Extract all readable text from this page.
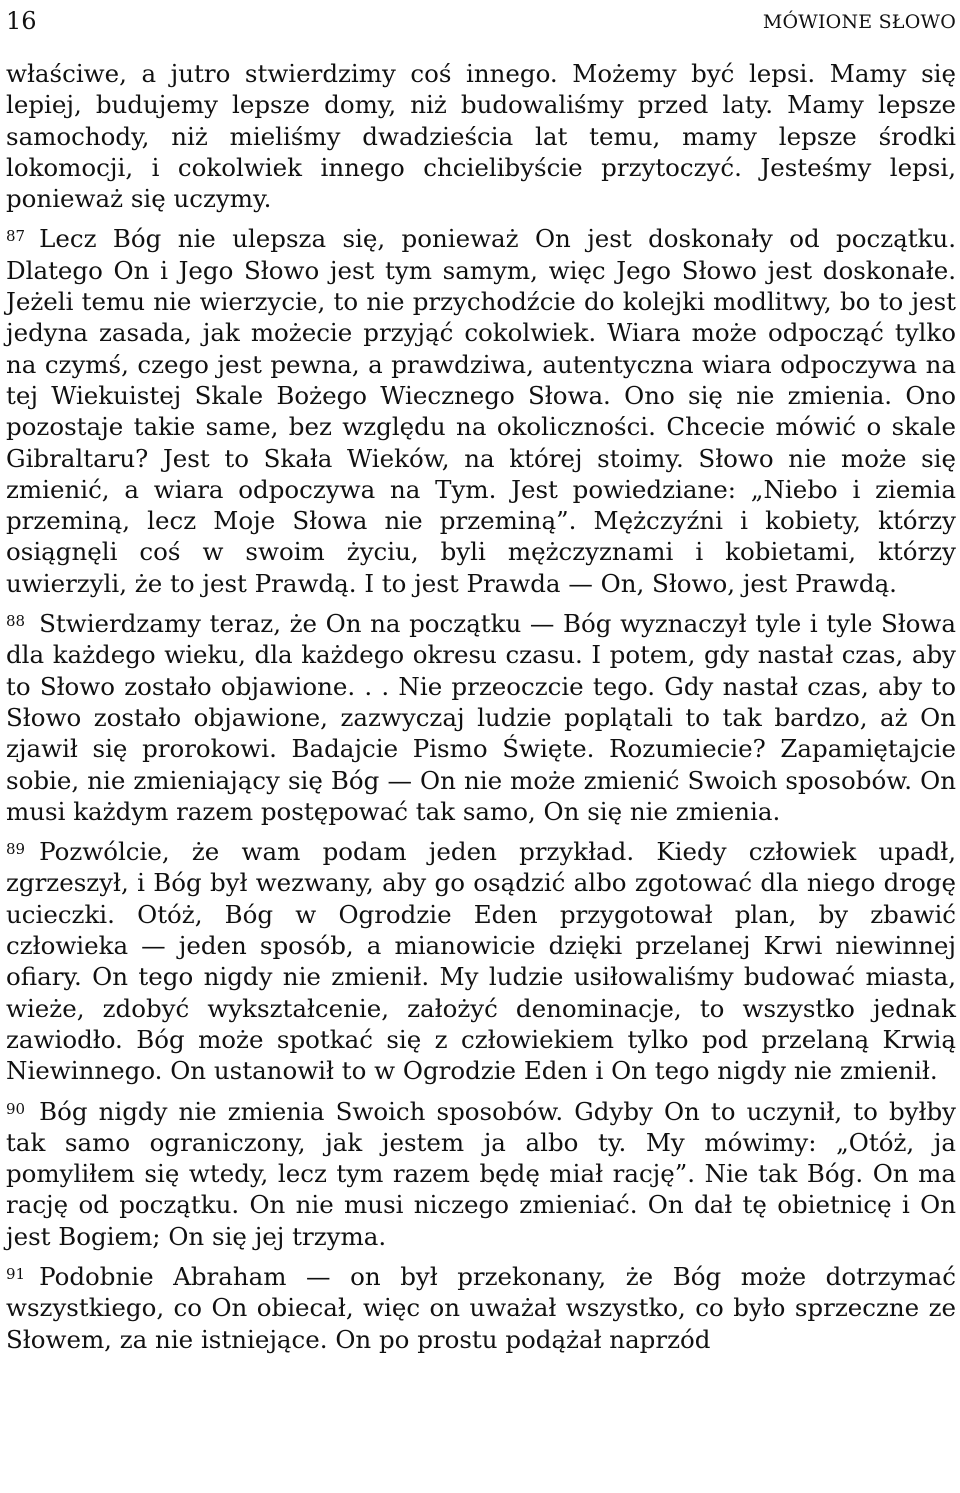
16	MÓWIONE SŁOWO

właściwe, a jutro stwierdzimy coś innego. Możemy być lepsi. Mamy się lepiej, budujemy lepsze domy, niż budowaliśmy przed laty. Mamy lepsze samochody, niż mieliśmy dwadzieścia lat temu, mamy lepsze środki lokomocji, i cokolwiek innego chcielibyście przytoczyć. Jesteśmy lepsi, ponieważ się uczymy.

$^{87}$ Lecz Bóg nie ulepsza się, ponieważ On jest doskonały od początku. Dlatego On i Jego Słowo jest tym samym, więc Jego Słowo jest doskonałe. Jeżeli temu nie wierzycie, to nie przychodźcie do kolejki modlitwy, bo to jest jedyna zasada, jak możecie przyjąć cokolwiek. Wiara może odpocząć tylko na czymś, czego jest pewna, a prawdziwa, autentyczna wiara odpoczywa na tej Wiekuistej Skale Bożego Wiecznego Słowa. Ono się nie zmienia. Ono pozostaje takie same, bez względu na okoliczności. Chcecie mówić o skale Gibraltaru? Jest to Skała Wieków, na której stoimy. Słowo nie może się zmienić, a wiara odpoczywa na Tym. Jest powiedziane: „Niebo i ziemia przeminą, lecz Moje Słowa nie przeminą”. Mężczyźni i kobiety, którzy osiągnęli coś w swoim życiu, byli mężczyznami i kobietami, którzy uwierzyli, że to jest Prawdą. I to jest Prawda — On, Słowo, jest Prawdą.

$^{88}$ Stwierdzamy teraz, że On na początku — Bóg wyznaczył tyle i tyle Słowa dla każdego wieku, dla każdego okresu czasu. I potem, gdy nastał czas, aby to Słowo zostało objawione. . . Nie przeoczcie tego. Gdy nastał czas, aby to Słowo zostało objawione, zazwyczaj ludzie poplątali to tak bardzo, aż On zjawił się prorokowi. Badajcie Pismo Święte. Rozumiecie? Zapamiętajcie sobie, nie zmieniający się Bóg — On nie może zmienić Swoich sposobów. On musi każdym razem postępować tak samo, On się nie zmienia.

$^{89}$ Pozwólcie, że wam podam jeden przykład. Kiedy człowiek upadł, zgrzeszył, i Bóg był wezwany, aby go osądzić albo zgotować dla niego drogę ucieczki. Otóż, Bóg w Ogrodzie Eden przygotował plan, by zbawić człowieka — jeden sposób, a mianowicie dzięki przelanej Krwi niewinnej ofiary. On tego nigdy nie zmienił. My ludzie usiłowaliśmy budować miasta, wieże, zdobyć wykształcenie, założyć denominacje, to wszystko jednak zawiodło. Bóg może spotkać się z człowiekiem tylko pod przelaną Krwią Niewinnego. On ustanowił to w Ogrodzie Eden i On tego nigdy nie zmienił.

$^{90}$ Bóg nigdy nie zmienia Swoich sposobów. Gdyby On to uczynił, to byłby tak samo ograniczony, jak jestem ja albo ty. My mówimy: „Otóż, ja pomyliłem się wtedy, lecz tym razem będę miał rację”. Nie tak Bóg. On ma rację od początku. On nie musi niczego zmieniać. On dał tę obietnicę i On jest Bogiem; On się jej trzyma.

$^{91}$ Podobnie Abraham — on był przekonany, że Bóg może dotrzymać wszystkiego, co On obiecał, więc on uważał wszystko, co było sprzeczne ze Słowem, za nie istniejące. On po prostu podążał naprzód
